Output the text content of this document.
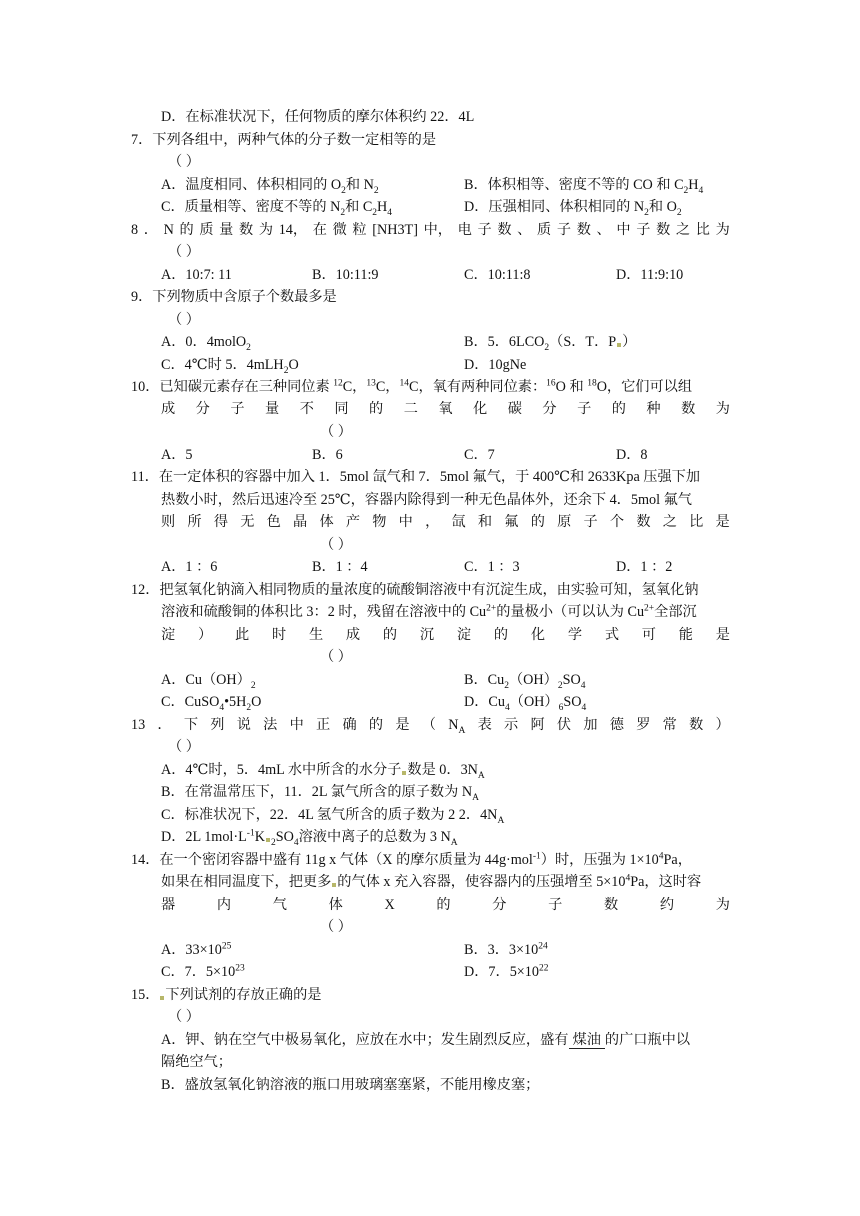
D．在标准状况下，任何物质的摩尔体积约 22．4L
7．下列各组中，两种气体的分子数一定相等的是
（ ）
A．温度相同、体积相同的 $O_2$和 $N_2$	B．体积相等、密度不等的 CO 和 $C_2H_4$
C．质量相等、密度不等的 $N_2$和 $C_2H_4$	D．压强相同、体积相同的 $N_2$和 $O_2$
8 ． N 的 质 量 数 为 14， 在 微 粒 [NH3T] 中， 电 子 数 、 质 子 数 、 中 子 数 之 比 为
（ ）
A．10:7: 11	B．10:11:9	C．10:11:8	D．11:9:10
9．下列物质中含原子个数最多是
（ ）
A．0．4molO$_2$	B．5．$6LCO_2(S$．T．P ）
C．4℃时 5．4mLH$_2$O	D．10gNe
10．已知碳元素存在三种同位素 $^{12}$C，$^{13}$C，$^{14}$C，氧有两种同位素：$^{16}$O 和 $^{18}$O，它们可以组
成 分 子 量 不 同 的 二 氧 化 碳 分 子 的 种 数 为
（ ）
A．5	B．6	C．7	D．8
11．在一定体积的容器中加入 1．5mol 氙气和 7．5mol 氟气，于 400℃和 2633Kpa 压强下加
热数小时，然后迅速冷至 25℃，容器内除得到一种无色晶体外，还余下 4．5mol 氟气
则 所 得 无 色 晶 体 产 物 中 ， 氙 和 氟 的 原 子 个 数 之 比 是
（ ）
A．1 ：6	B．1 ：4	C．1 ：3	D．1 ：2
12．把氢氧化钠滴入相同物质的量浓度的硫酸铜溶液中有沉淀生成，由实验可知，氢氧化钠
溶液和硫酸铜的体积比 3：2 时，残留在溶液中的 $Cu^{2+}$的量极小（可以认为 $Cu^{2+}$全部沉
淀 ） 此 时 生 成 的 沉 淀 的 化 学 式 可 能 是
（ ）
A．$Cu(OH)_2$	B．$Cu_2(OH)_2SO_4$
C．$CuSO_4•5H_2O$	D．$Cu_4(OH)_6SO_4$
13 ． 下 列 说 法 中 正 确 的 是 （ $N_A$ 表 示 阿 伏 加 德 罗 常 数 ）
（ ）
A．4℃时，5．4mL 水中所含的水分子 数是 0．$3N_A$
B．在常温常压下，11．2L 氯气所含的原子数为 $N_A$
C．标准状况下，22．4L 氢气所含的质子数为 2 2．$4N_A$
D．2L $1mol\cdot L^{-1}K$ $_2SO_4$溶液中离子的总数为 3 $N_A$
14．在一个密闭容器中盛有 11g x 气体（X 的摩尔质量为 44g·mol$^{-1}$）时，压强为 $1\times 10^4Pa$，
如果在相同温度下，把更多 的气体 x 充入容器，使容器内的压强增至 $5\times 10^4Pa$，这时容
器	内	气	体	X	的	分	子	数	约	为
（ ）
A．$33\times 10^{25}$	B．3．$3\times 10^{24}$
C．7．$5\times 10^{23}$	D．7．$5\times 10^{22}$
15． 下列试剂的存放正确的是
（ ）
A．钾、钠在空气中极易氧化，应放在水中；发生剧烈反应，盛有 煤油 的广口瓶中以
隔绝空气；
B．盛放氢氧化钠溶液的瓶口用玻璃塞塞紧，不能用橡皮塞；
